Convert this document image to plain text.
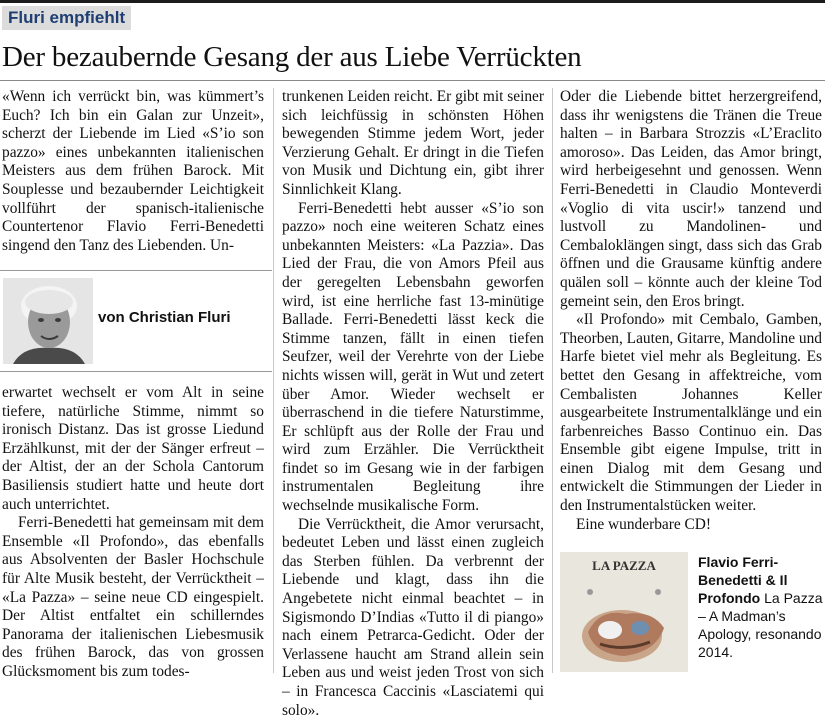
Fluri empfiehlt
Der bezaubernde Gesang der aus Liebe Verrückten

«Wenn ich verrückt bin, was kümmert’s Euch? Ich bin ein Galan zur Unzeit», scherzt der Liebende im Lied «S’io son pazzo» eines unbekannten italienischen Meisters aus dem frühen Barock. Mit Souplesse und bezaubernder Leichtigkeit vollführt der spanisch-italienische Countertenor Flavio Ferri-Benedetti singend den Tanz des Liebenden. Un-

von Christian Fluri

erwartet wechselt er vom Alt in seine tiefere, natürliche Stimme, nimmt so ironisch Distanz. Das ist grosse Liedund Erzählkunst, mit der der Sänger erfreut – der Altist, der an der Schola Cantorum Basiliensis studiert hatte und heute dort auch unterrichtet.

Ferri-Benedetti hat gemeinsam mit dem Ensemble «Il Profondo», das ebenfalls aus Absolventen der Basler Hochschule für Alte Musik besteht, der Verrücktheit – «La Pazza» – seine neue CD eingespielt. Der Altist entfaltet ein schillerndes Panorama der italienischen Liebesmusik des frühen Barock, das von grossen Glücksmoment bis zum todes-

trunkenen Leiden reicht. Er gibt mit seiner sich leichfüssig in schönsten Höhen bewegenden Stimme jedem Wort, jeder Verzierung Gehalt. Er dringt in die Tiefen von Musik und Dichtung ein, gibt ihrer Sinnlichkeit Klang.

Ferri-Benedetti hebt ausser «S’io son pazzo» noch eine weiteren Schatz eines unbekannten Meisters: «La Pazzia». Das Lied der Frau, die von Amors Pfeil aus der geregelten Lebensbahn geworfen wird, ist eine herrliche fast 13-minütige Ballade. Ferri-Benedetti lässt keck die Stimme tanzen, fällt in einen tiefen Seufzer, weil der Verehrte von der Liebe nichts wissen will, gerät in Wut und zetert über Amor. Wieder wechselt er überraschend in die tiefere Naturstimme, Er schlüpft aus der Rolle der Frau und wird zum Erzähler. Die Verrücktheit findet so im Gesang wie in der farbigen instrumentalen Begleitung ihre wechselnde musikalische Form.

Die Verrücktheit, die Amor verursacht, bedeutet Leben und lässt einen zugleich das Sterben fühlen. Da verbrennt der Liebende und klagt, dass ihn die Angebetete nicht einmal beachtet – in Sigismondo D’Indias «Tutto il di piango» nach einem Petrarca-Gedicht. Oder der Verlassene haucht am Strand allein sein Leben aus und weist jeden Trost von sich – in Francesca Caccinis «Lasciatemi qui solo».

Oder die Liebende bittet herzergreifend, dass ihr wenigstens die Tränen die Treue halten – in Barbara Strozzis «L’Eraclito amoroso». Das Leiden, das Amor bringt, wird herbeigesehnt und genossen. Wenn Ferri-Benedetti in Claudio Monteverdi «Voglio di vita uscir!» tanzend und lustvoll zu Mandolinen- und Cembaloklängen singt, dass sich das Grab öffnen und die Grausame künftig andere quälen soll – könnte auch der kleine Tod gemeint sein, den Eros bringt.

«Il Profondo» mit Cembalo, Gamben, Theorben, Lauten, Gitarre, Mandoline und Harfe bietet viel mehr als Begleitung. Es bettet den Gesang in affektreiche, vom Cembalisten Johannes Keller ausgearbeitete Instrumentalklänge und ein farbenreiches Basso Continuo ein. Das Ensemble gibt eigene Impulse, tritt in einen Dialog mit dem Gesang und entwickelt die Stimmungen der Lieder in den Instrumentalstücken weiter.

Eine wunderbare CD!

LA PAZZA	Flavio Ferri-Benedetti & Il Profondo La Pazza – A Madman’s Apology, resonando 2014.
